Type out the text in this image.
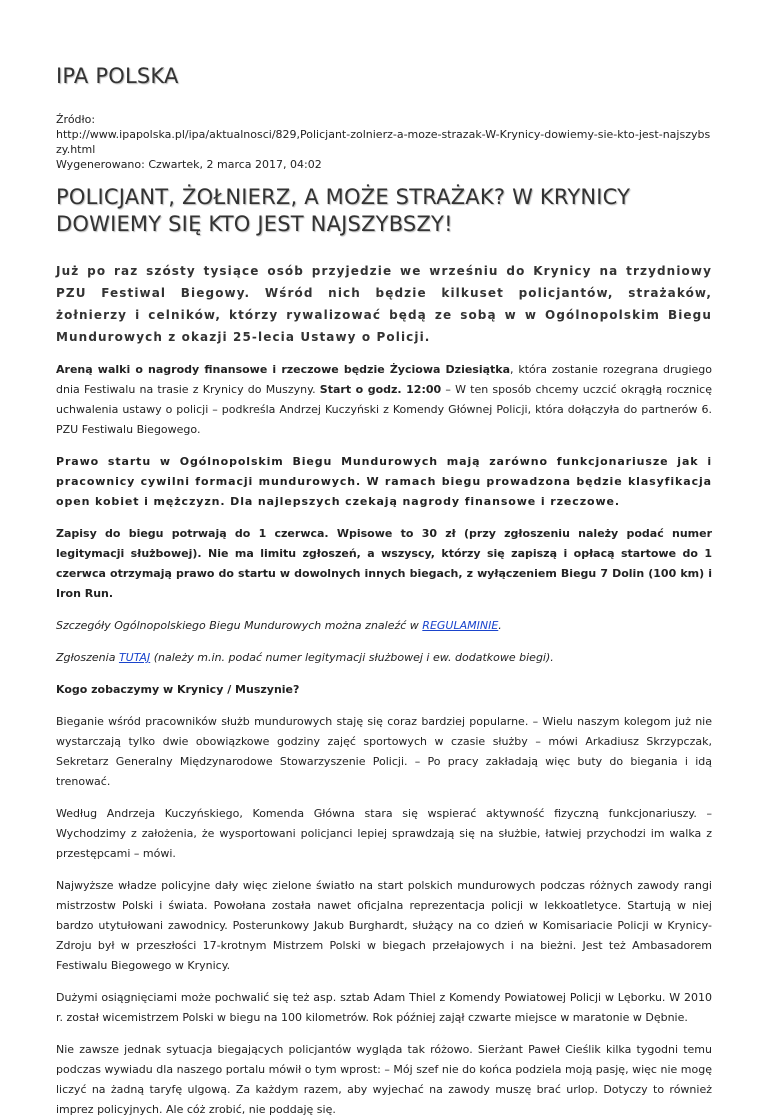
IPA POLSKA
Źródło:
http://www.ipapolska.pl/ipa/aktualnosci/829,Policjant-zolnierz-a-moze-strazak-W-Krynicy-dowiemy-sie-kto-jest-najszybszy.html
Wygenerowano: Czwartek, 2 marca 2017, 04:02
POLICJANT, ŻOŁNIERZ, A MOŻE STRAŻAK? W KRYNICY DOWIEMY SIĘ KTO JEST NAJSZYBSZY!

Już po raz szósty tysiące osób przyjedzie we wrześniu do Krynicy na trzydniowy PZU Festiwal Biegowy. Wśród nich będzie kilkuset policjantów, strażaków, żołnierzy i celników, którzy rywalizować będą ze sobą w w Ogólnopolskim Biegu Mundurowych z okazji 25-lecia Ustawy o Policji.

Areną walki o nagrody finansowe i rzeczowe będzie Życiowa Dziesiątka, która zostanie rozegrana drugiego dnia Festiwalu na trasie z Krynicy do Muszyny. Start o godz. 12:00 – W ten sposób chcemy uczcić okrągłą rocznicę uchwalenia ustawy o policji – podkreśla Andrzej Kuczyński z Komendy Głównej Policji, która dołączyła do partnerów 6. PZU Festiwalu Biegowego.

Prawo startu w Ogólnopolskim Biegu Mundurowych mają zarówno funkcjonariusze jak i pracownicy cywilni formacji mundurowych. W ramach biegu prowadzona będzie klasyfikacja open kobiet i mężczyzn. Dla najlepszych czekają nagrody finansowe i rzeczowe.

Zapisy do biegu potrwają do 1 czerwca. Wpisowe to 30 zł (przy zgłoszeniu należy podać numer legitymacji służbowej). Nie ma limitu zgłoszeń, a wszyscy, którzy się zapiszą i opłacą startowe do 1 czerwca otrzymają prawo do startu w dowolnych innych biegach, z wyłączeniem Biegu 7 Dolin (100 km) i Iron Run.

Szczegóły Ogólnopolskiego Biegu Mundurowych można znaleźć w REGULAMINIE.

Zgłoszenia TUTAJ (należy m.in. podać numer legitymacji służbowej i ew. dodatkowe biegi).

Kogo zobaczymy w Krynicy / Muszynie?

Bieganie wśród pracowników służb mundurowych staję się coraz bardziej popularne. – Wielu naszym kolegom już nie wystarczają tylko dwie obowiązkowe godziny zajęć sportowych w czasie służby – mówi Arkadiusz Skrzypczak, Sekretarz Generalny Międzynarodowe Stowarzyszenie Policji. – Po pracy zakładają więc buty do biegania i idą trenować.

Według Andrzeja Kuczyńskiego, Komenda Główna stara się wspierać aktywność fizyczną funkcjonariuszy. – Wychodzimy z założenia, że wysportowani policjanci lepiej sprawdzają się na służbie, łatwiej przychodzi im walka z przestępcami – mówi.

Najwyższe władze policyjne dały więc zielone światło na start polskich mundurowych podczas różnych zawody rangi mistrzostw Polski i świata. Powołana została nawet oficjalna reprezentacja policji w lekkoatletyce. Startują w niej bardzo utytułowani zawodnicy. Posterunkowy Jakub Burghardt, służący na co dzień w Komisariacie Policji w Krynicy-Zdroju był w przeszłości 17-krotnym Mistrzem Polski w biegach przełajowych i na bieżni. Jest też Ambasadorem Festiwalu Biegowego w Krynicy.

Dużymi osiągnięciami może pochwalić się też asp. sztab Adam Thiel z Komendy Powiatowej Policji w Lęborku. W 2010 r. został wicemistrzem Polski w biegu na 100 kilometrów. Rok później zajął czwarte miejsce w maratonie w Dębnie.

Nie zawsze jednak sytuacja biegających policjantów wygląda tak różowo. Sierżant Paweł Cieślik kilka tygodni temu podczas wywiadu dla naszego portalu mówił o tym wprost: – Mój szef nie do końca podziela moją pasję, więc nie mogę liczyć na żadną taryfę ulgową. Za każdym razem, aby wyjechać na zawody muszę brać urlop. Dotyczy to również imprez policyjnych. Ale cóż zrobić, nie poddaję się.
